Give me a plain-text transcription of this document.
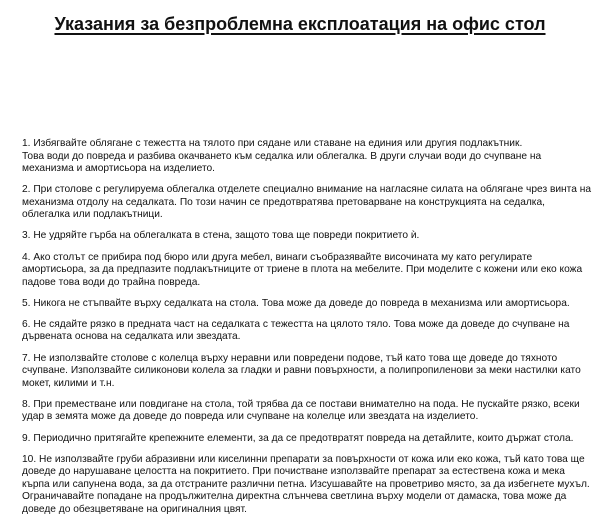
Указания за безпроблемна експлоатация на офис стол

1. Избягвайте облягане с тежестта на тялото при сядане или ставане на единия или другия подлакътник.

Това води до повреда и разбива окачването към седалка или облегалка. В други случаи води до счупване на механизма и амортисьора на изделието.

2. При столове с регулируема облегалка отделете специално внимание на нагласяне силата на облягане чрез винта на механизма отдолу на седалката. По този начин се предотвратява претоварване на конструкцията на седалка, облегалка или подлакътници.

3. Не удряйте гърба на облегалката в стена, защото това ще повреди покритието ѝ.

4. Ако столът се прибира под бюро или друга мебел, винаги съобразявайте височината му като регулирате амортисьора, за да предпазите подлакътниците от триене в плота на мебелите. При моделите с кожени или еко кожа падове това води до трайна повреда.

5. Никога не стъпвайте върху седалката на стола. Това може да доведе до повреда в механизма или амортисьора.

6. Не сядайте рязко в предната част на седалката с тежестта на цялото тяло. Това може да доведе до счупване на дървената основа на седалката или звездата.

7. Не използвайте столове с колелца върху неравни или повредени подове, тъй като това ще доведе до тяхното счупване. Използвайте силиконови колела за гладки и равни повърхности, а полипропиленови за меки настилки като мокет, килими и т.н.

8. При преместване или повдигане на стола, той трябва да се постави внимателно на пода. Не пускайте рязко, всеки удар в земята може да доведе до повреда или счупване на колелце или звездата на изделието.

9. Периодично притягайте крепежните елементи, за да се предотвратят повреда на детайлите, които държат стола.

10. Не използвайте груби абразивни или киселинни препарати за повърхности от кожа или еко кожа, тъй като това ще доведе до нарушаване целостта на покритието. При почистване използвайте препарат за естествена кожа и мека кърпа или сапунена вода, за да отстраните различни петна. Изсушавайте на проветриво място, за да избегнете мухъл. Ограничавайте попадане на продължителна директна слънчева светлина върху модели от дамаска, това може да доведе до обезцветяване на оригиналния цвят.
